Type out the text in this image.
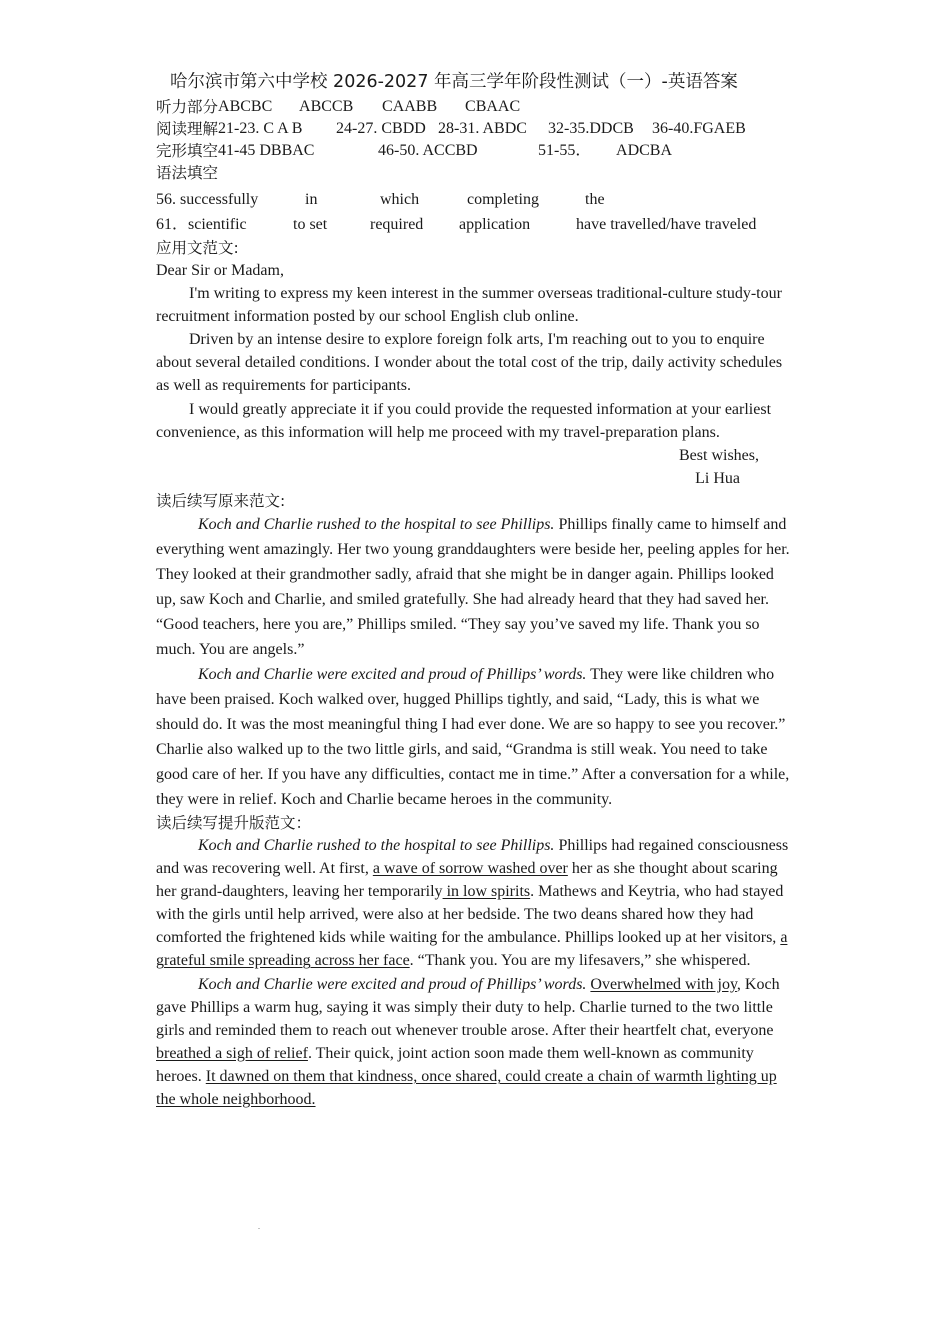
哈尔滨市第六中学校 2026-2027 年高三学年阶段性测试（一）-英语答案
听力部分 ABCBC ABCCB CAABB CBAAC
阅读理解 21-23. C A B	24-27. CBDD 28-31. ABDC	32-35.DDCB	36-40.FGAEB
完形填空 41-45 DBBAC	46-50. ACCBD	51-55．	ADCBA
语法填空
56. successfully	in	which	completing	the
61．scientific	to set	required	application	have travelled/have traveled
应用文范文:

Dear Sir or Madam,

I'm writing to express my keen interest in the summer overseas traditional-culture study-tour recruitment information posted by our school English club online.

Driven by an intense desire to explore foreign folk arts, I'm reaching out to you to enquire about several detailed conditions. I wonder about the total cost of the trip, daily activity schedules as well as requirements for participants.

I would greatly appreciate it if you could provide the requested information at your earliest convenience, as this information will help me proceed with my travel-preparation plans.

Best wishes,
Li Hua
读后续写原来范文:

Koch and Charlie rushed to the hospital to see Phillips. Phillips finally came to himself and everything went amazingly. Her two young granddaughters were beside her, peeling apples for her. They looked at their grandmother sadly, afraid that she might be in danger again. Phillips looked up, saw Koch and Charlie, and smiled gratefully. She had already heard that they had saved her. “Good teachers, here you are,” Phillips smiled. “They say you’ve saved my life. Thank you so much. You are angels.”

Koch and Charlie were excited and proud of Phillips’ words. They were like children who have been praised. Koch walked over, hugged Phillips tightly, and said, “Lady, this is what we should do. It was the most meaningful thing I had ever done. We are so happy to see you recover.” Charlie also walked up to the two little girls, and said, “Grandma is still weak. You need to take good care of her. If you have any difficulties, contact me in time.” After a conversation for a while, they were in relief. Koch and Charlie became heroes in the community.

读后续写提升版范文：

Koch and Charlie rushed to the hospital to see Phillips. Phillips had regained consciousness and was recovering well. At first, a wave of sorrow washed over her as she thought about scaring her grand-daughters, leaving her temporarily in low spirits. Mathews and Keytria, who had stayed with the girls until help arrived, were also at her bedside. The two deans shared how they had comforted the frightened kids while waiting for the ambulance. Phillips looked up at her visitors, a grateful smile spreading across her face. “Thank you. You are my lifesavers,” she whispered.

Koch and Charlie were excited and proud of Phillips’ words. Overwhelmed with joy, Koch gave Phillips a warm hug, saying it was simply their duty to help. Charlie turned to the two little girls and reminded them to reach out whenever trouble arose. After their heartfelt chat, everyone breathed a sigh of relief. Their quick, joint action soon made them well-known as community heroes. It dawned on them that kindness, once shared, could create a chain of warmth lighting up the whole neighborhood.

.
